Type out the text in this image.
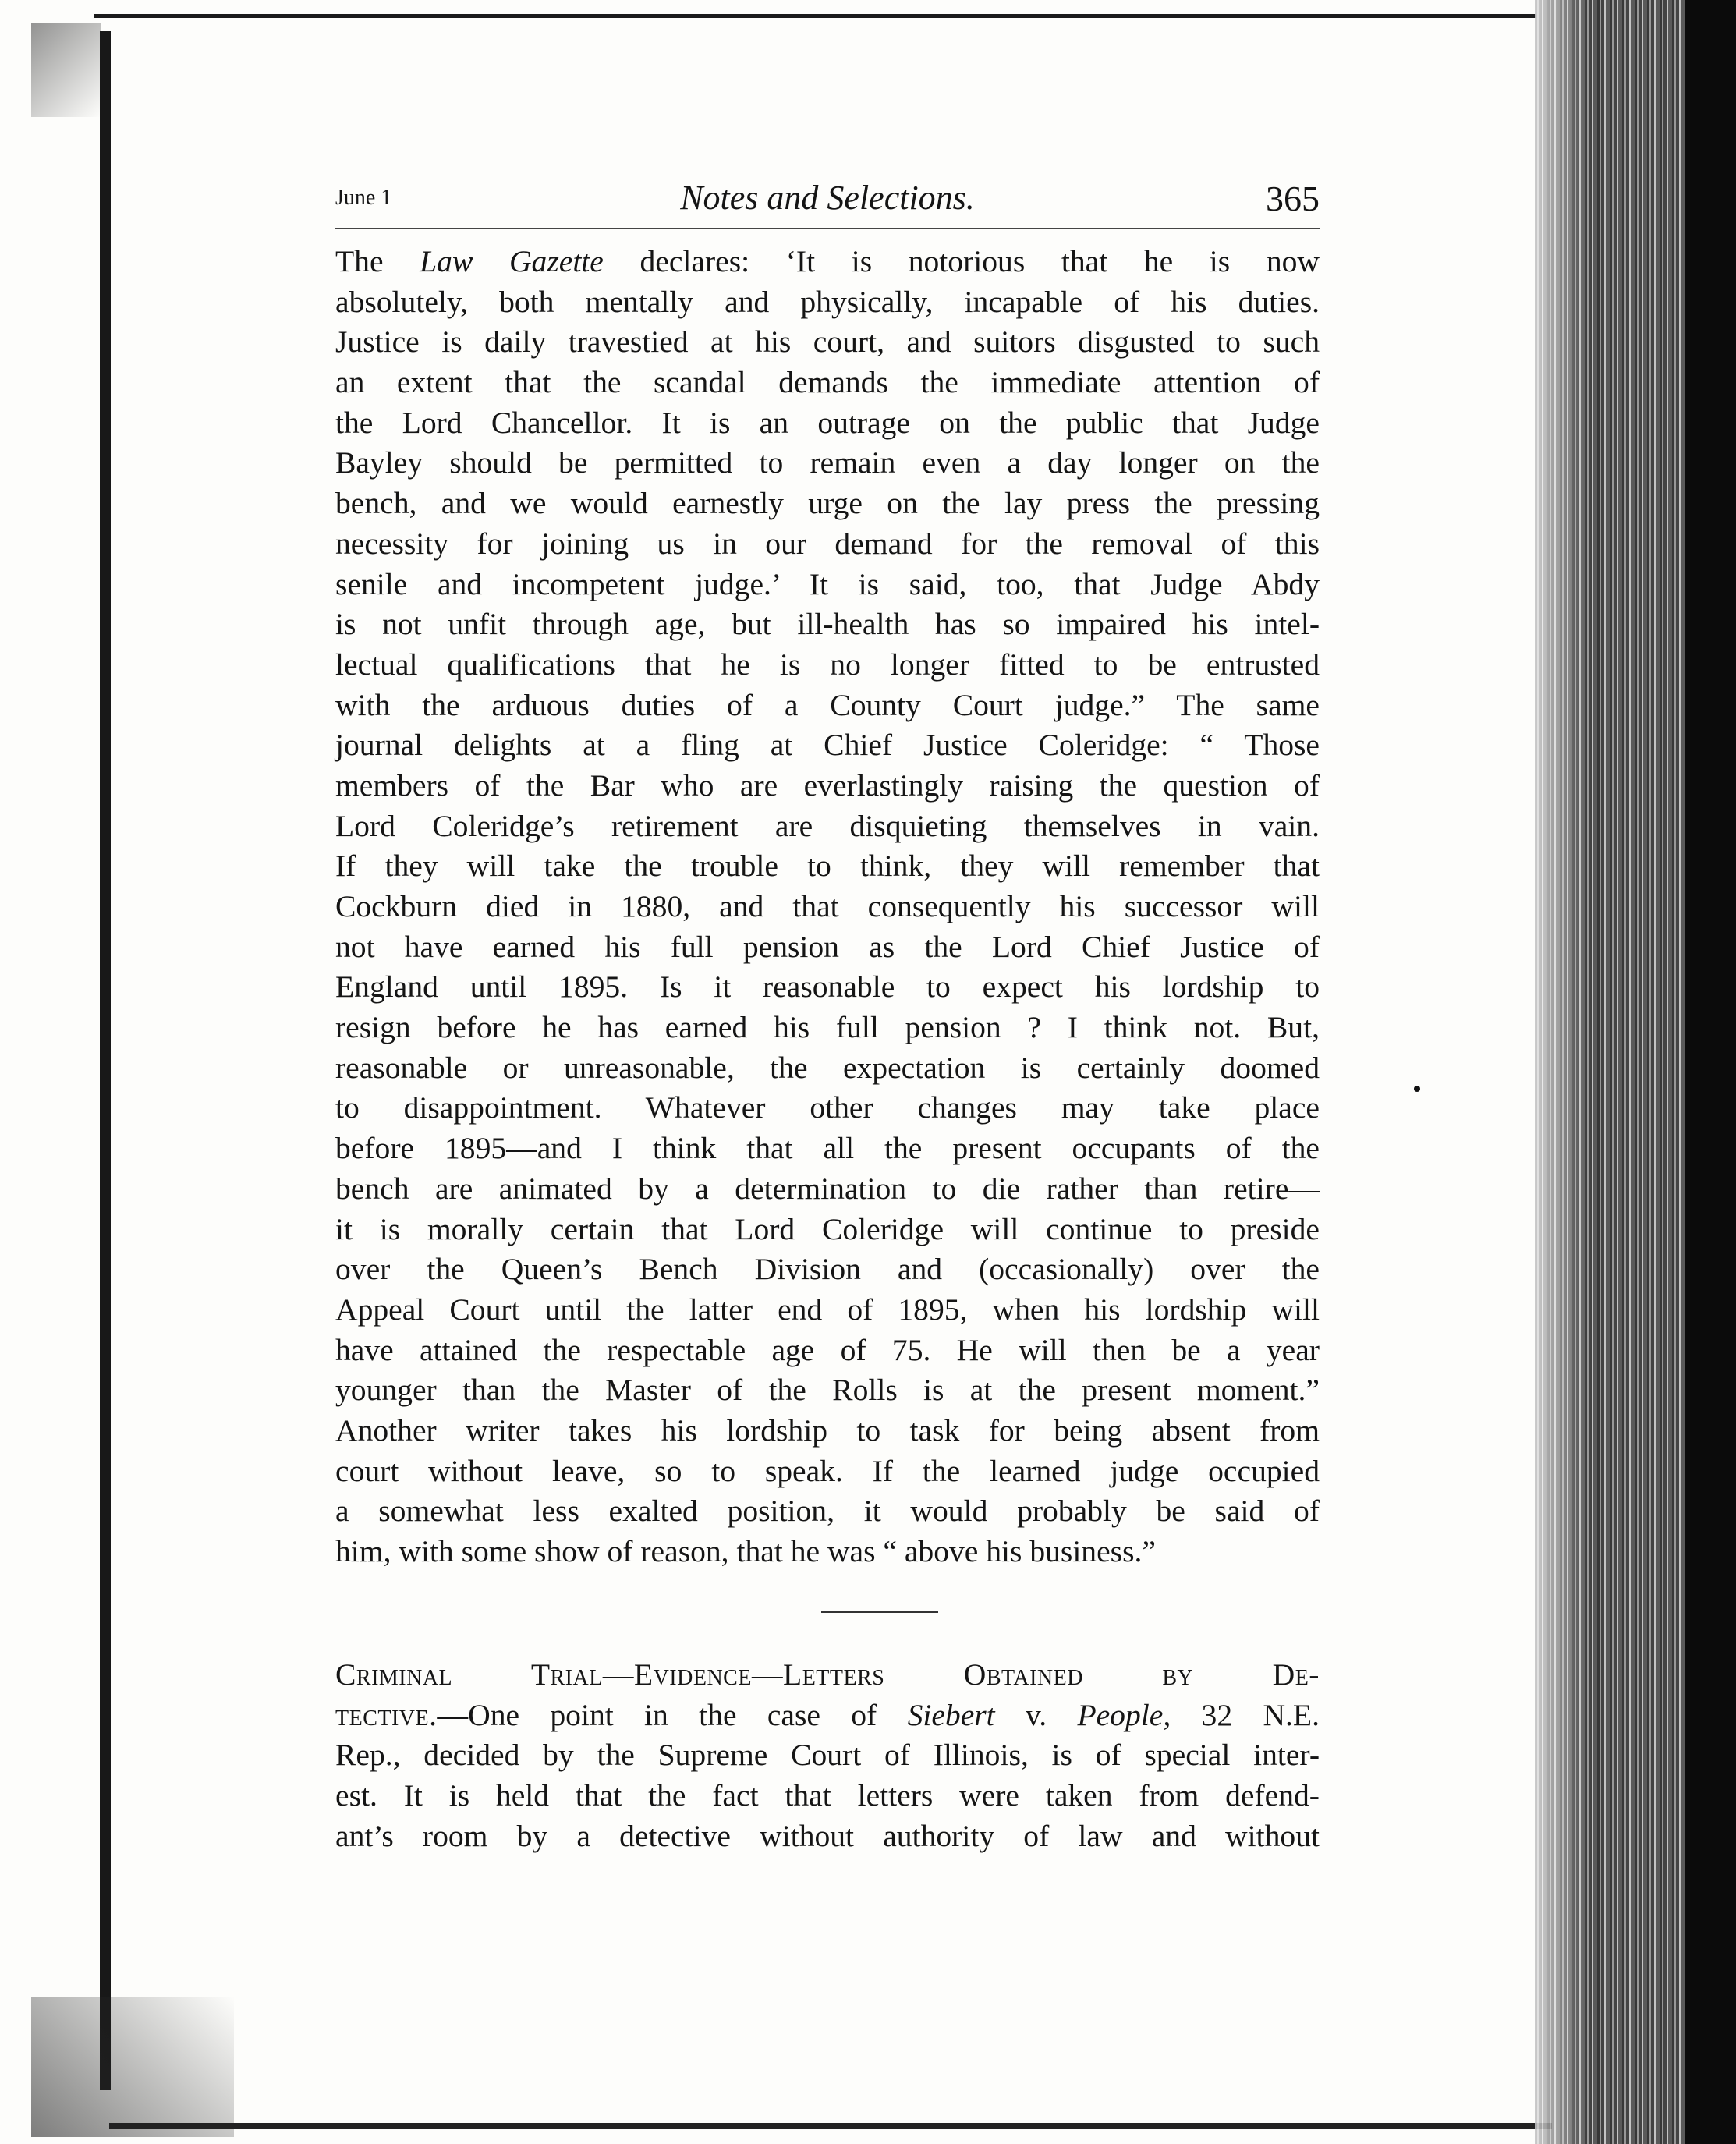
June 1	Notes and Selections.	365
The Law Gazette declares: ‘It is notorious that he is now
absolutely, both mentally and physically, incapable of his duties.
Justice is daily travestied at his court, and suitors disgusted to such
an extent that the scandal demands the immediate attention of
the Lord Chancellor. It is an outrage on the public that Judge
Bayley should be permitted to remain even a day longer on the
bench, and we would earnestly urge on the lay press the pressing
necessity for joining us in our demand for the removal of this
senile and incompetent judge.’ It is said, too, that Judge Abdy
is not unfit through age, but ill-health has so impaired his intel-
lectual qualifications that he is no longer fitted to be entrusted
with the arduous duties of a County Court judge.” The same
journal delights at a fling at Chief Justice Coleridge: “ Those
members of the Bar who are everlastingly raising the question of
Lord Coleridge’s retirement are disquieting themselves in vain.
If they will take the trouble to think, they will remember that
Cockburn died in 1880, and that consequently his successor will
not have earned his full pension as the Lord Chief Justice of
England until 1895. Is it reasonable to expect his lordship to
resign before he has earned his full pension ? I think not. But,
reasonable or unreasonable, the expectation is certainly doomed
to disappointment. Whatever other changes may take place
before 1895—and I think that all the present occupants of the
bench are animated by a determination to die rather than retire—
it is morally certain that Lord Coleridge will continue to preside
over the Queen’s Bench Division and (occasionally) over the
Appeal Court until the latter end of 1895, when his lordship will
have attained the respectable age of 75. He will then be a year
younger than the Master of the Rolls is at the present moment.”
Another writer takes his lordship to task for being absent from
court without leave, so to speak. If the learned judge occupied
a somewhat less exalted position, it would probably be said of
him, with some show of reason, that he was “ above his business.”
Criminal Trial—Evidence—Letters Obtained by De-
tective.—One point in the case of Siebert v. People, 32 N.E.
Rep., decided by the Supreme Court of Illinois, is of special inter-
est. It is held that the fact that letters were taken from defend-
ant’s room by a detective without authority of law and without
